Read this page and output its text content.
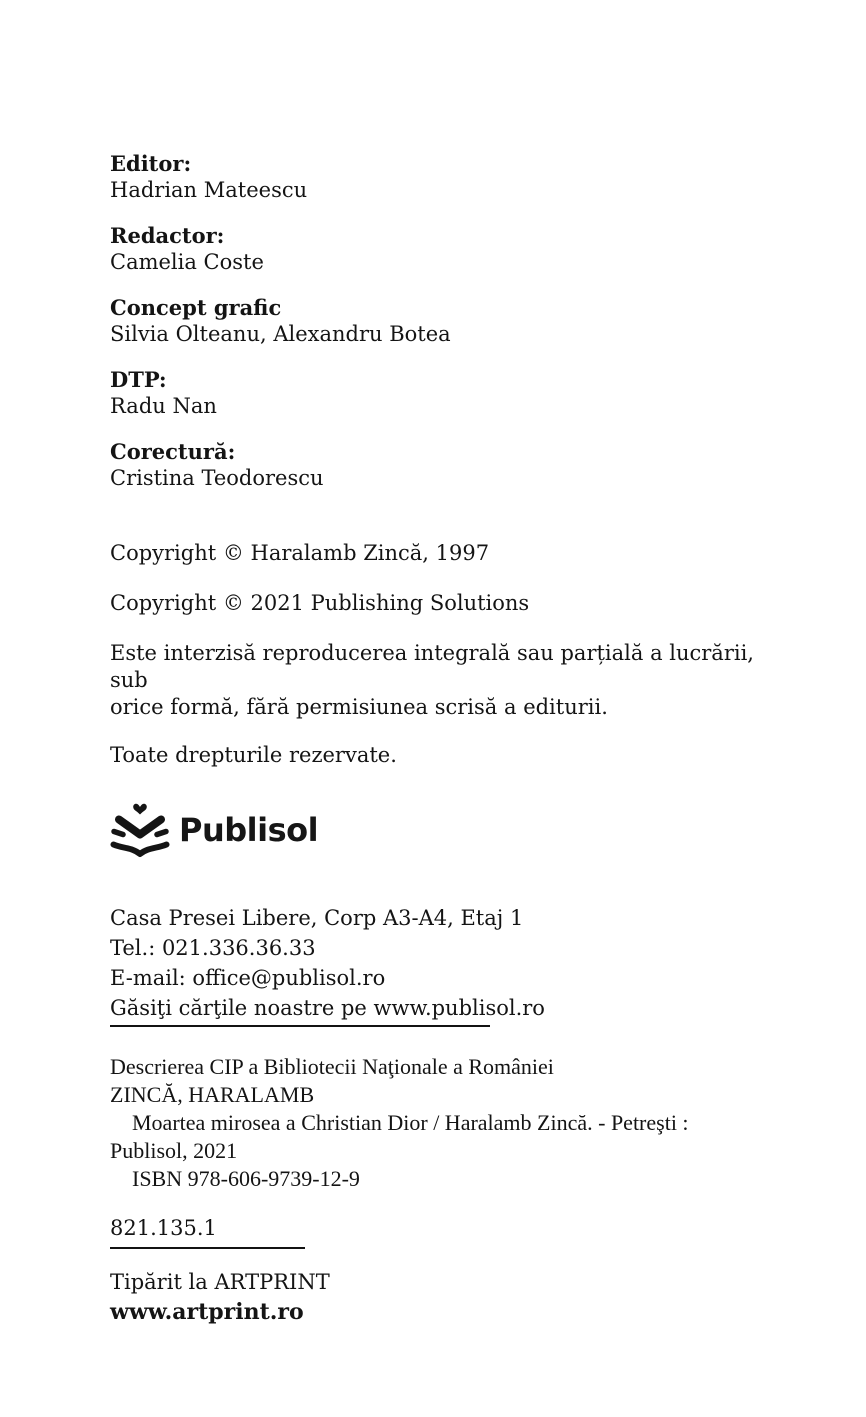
Editor:
Hadrian Mateescu
Redactor:
Camelia Coste
Concept grafic
Silvia Olteanu, Alexandru Botea
DTP:
Radu Nan
Corectură:
Cristina Teodorescu
Copyright © Haralamb Zincă, 1997
Copyright © 2021 Publishing Solutions
Este interzisă reproducerea integrală sau parțială a lucrării, sub
orice formă, fără permisiunea scrisă a editurii.
Toate drepturile rezervate.
Publisol
Casa Presei Libere, Corp A3-A4, Etaj 1
Tel.: 021.336.36.33
E-mail: office@publisol.ro
Găsiţi cărţile noastre pe www.publisol.ro
Descrierea CIP a Bibliotecii Naţionale a României
ZINCĂ, HARALAMB
Moartea mirosea a Christian Dior / Haralamb Zincă. - Petreşti :
Publisol, 2021
ISBN 978-606-9739-12-9
821.135.1
Tipărit la ARTPRINT
www.artprint.ro
